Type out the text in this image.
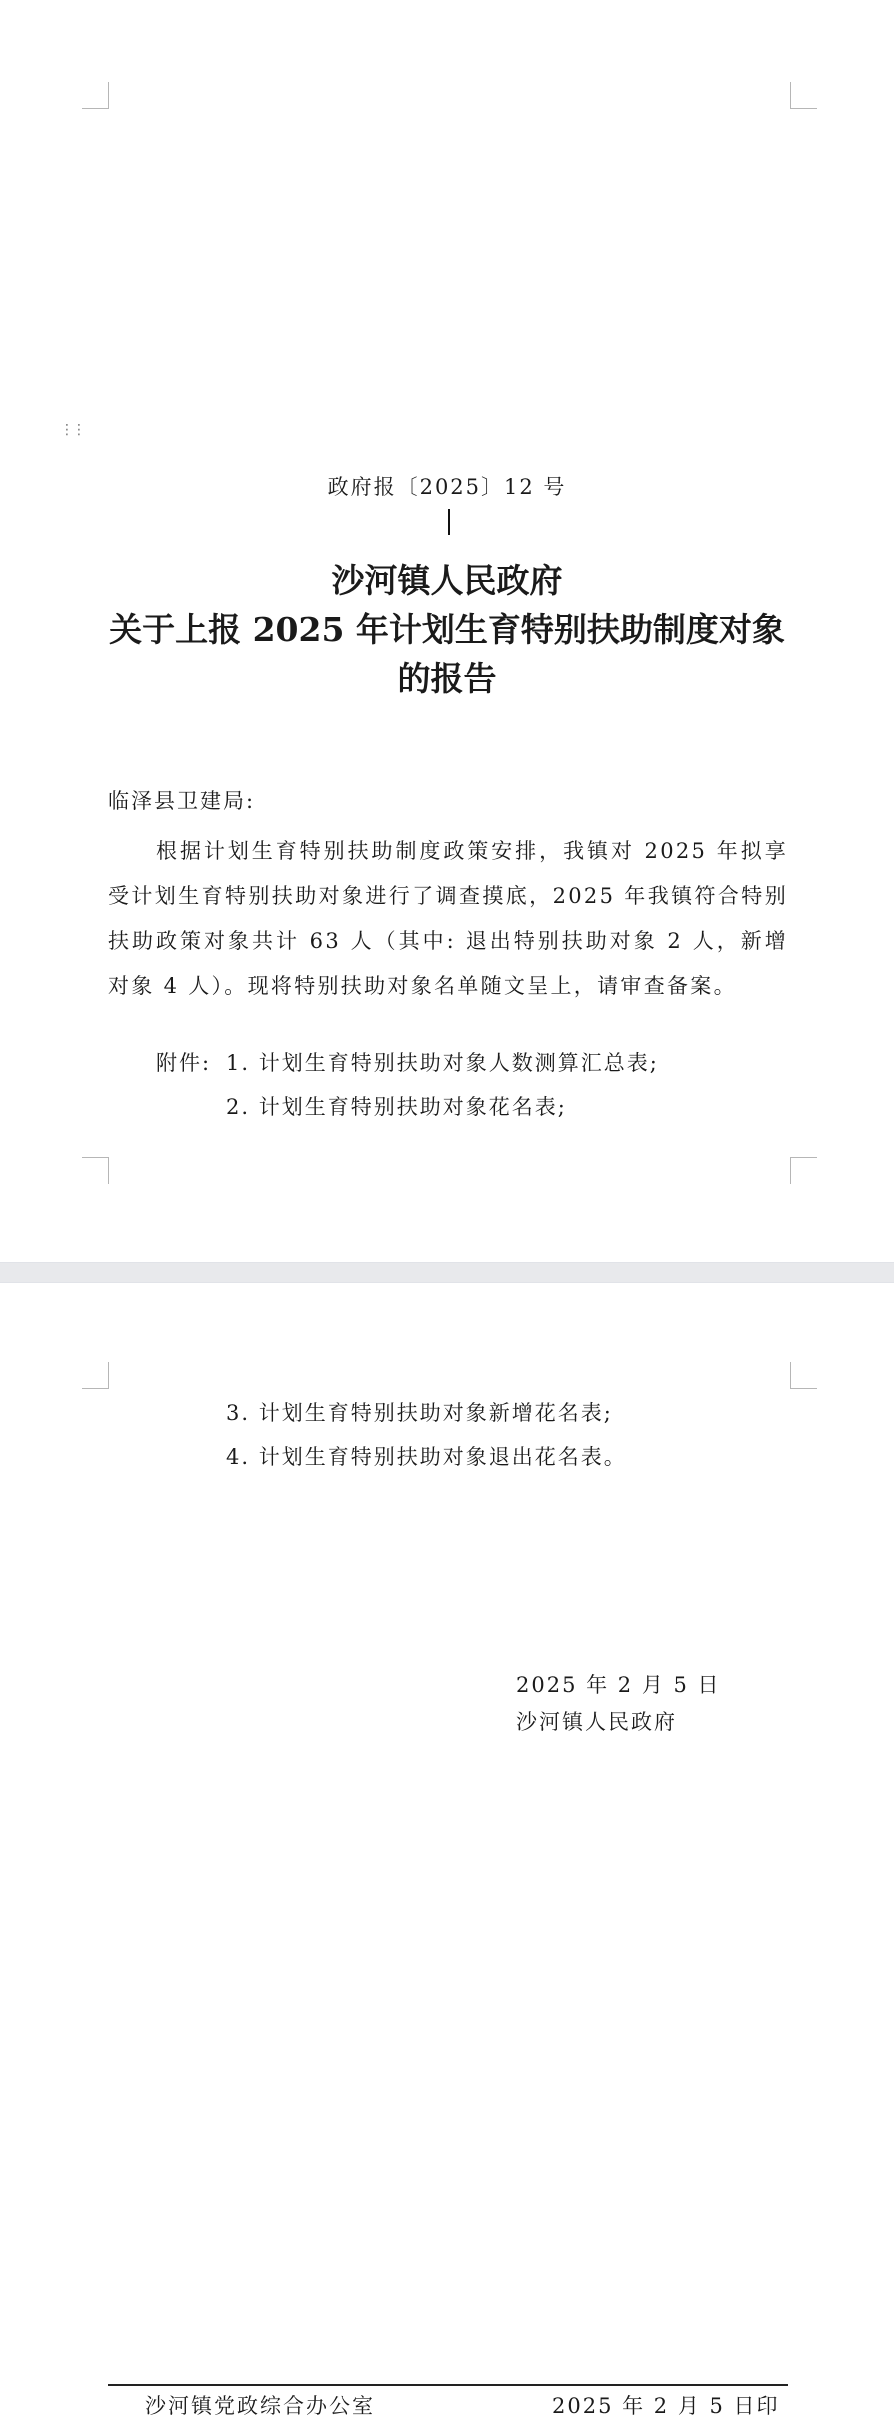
⋮⋮
政府报〔2025〕12 号
沙河镇人民政府
关于上报 2025 年计划生育特别扶助制度对象
的报告
临泽县卫建局:
根据计划生育特别扶助制度政策安排，我镇对 2025 年拟享受计划生育特别扶助对象进行了调查摸底，2025 年我镇符合特别扶助政策对象共计 63 人（其中: 退出特别扶助对象 2 人，新增对象 4 人）。现将特别扶助对象名单随文呈上，请审查备案。
附件: 1. 计划生育特别扶助对象人数测算汇总表;
2. 计划生育特别扶助对象花名表;
3. 计划生育特别扶助对象新增花名表;
4. 计划生育特别扶助对象退出花名表。
2025 年 2 月 5 日
沙河镇人民政府
沙河镇党政综合办公室	2025 年 2 月 5 日印
